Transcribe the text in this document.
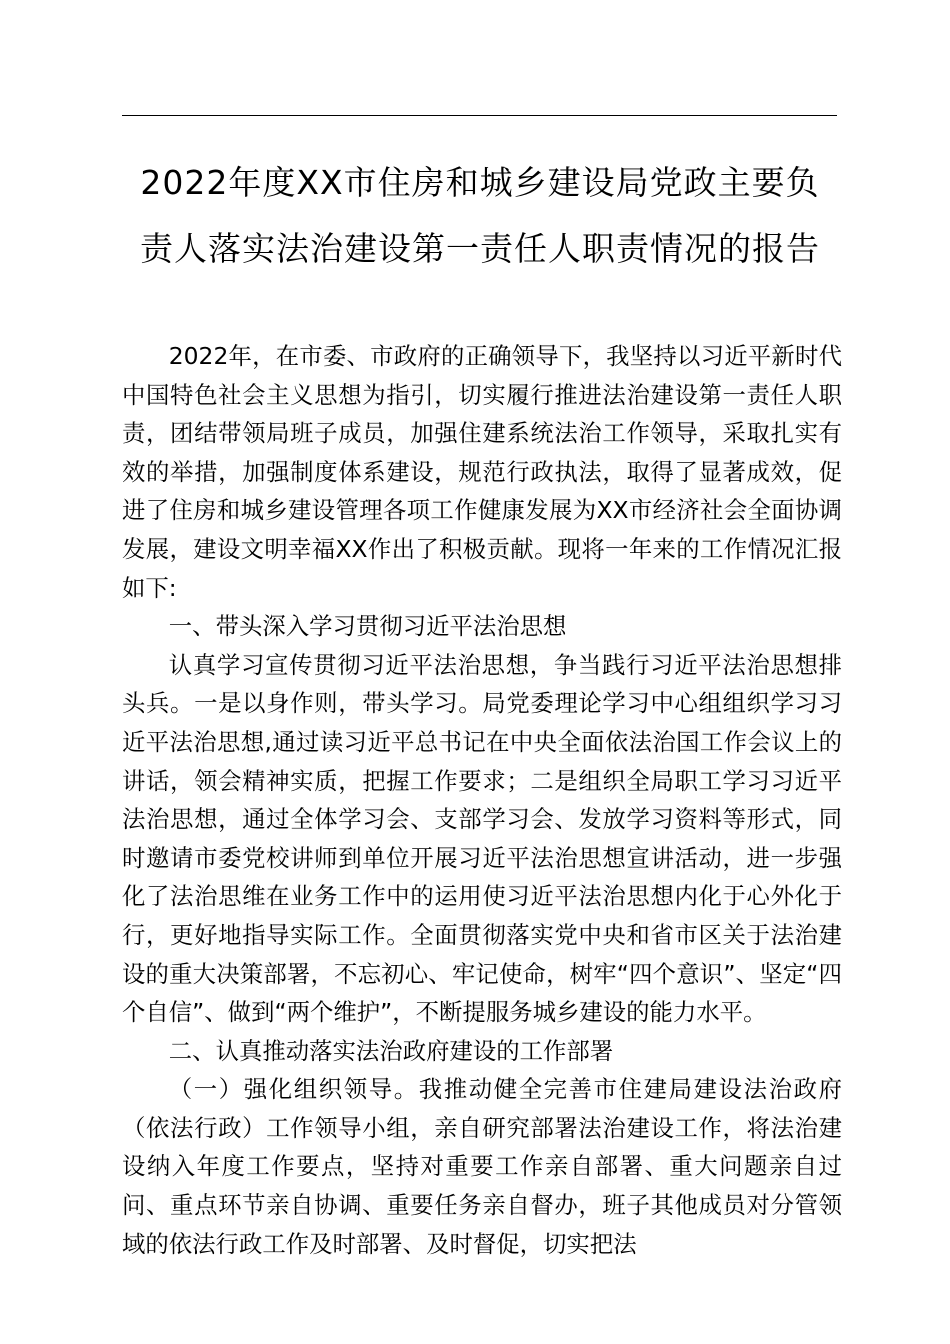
2022年度XX市住房和城乡建设局党政主要负
责人落实法治建设第一责任人职责情况的报告

2022年，在市委、市政府的正确领导下，我坚持以习近平新时代中国特色社会主义思想为指引，切实履行推进法治建设第一责任人职责，团结带领局班子成员，加强住建系统法治工作领导，采取扎实有效的举措，加强制度体系建设，规范行政执法，取得了显著成效，促进了住房和城乡建设管理各项工作健康发展为XX市经济社会全面协调发展，建设文明幸福XX作出了积极贡献。现将一年来的工作情况汇报如下:

一、带头深入学习贯彻习近平法治思想

认真学习宣传贯彻习近平法治思想，争当践行习近平法治思想排头兵。一是以身作则，带头学习。局党委理论学习中心组组织学习习近平法治思想,通过读习近平总书记在中央全面依法治国工作会议上的讲话，领会精神实质，把握工作要求；二是组织全局职工学习习近平法治思想，通过全体学习会、支部学习会、发放学习资料等形式，同时邀请市委党校讲师到单位开展习近平法治思想宣讲活动，进一步强化了法治思维在业务工作中的运用使习近平法治思想内化于心外化于行，更好地指导实际工作。全面贯彻落实党中央和省市区关于法治建设的重大决策部署，不忘初心、牢记使命，树牢“四个意识”、坚定“四个自信”、做到“两个维护”，不断提服务城乡建设的能力水平。

二、认真推动落实法治政府建设的工作部署

（一）强化组织领导。我推动健全完善市住建局建设法治政府（依法行政）工作领导小组，亲自研究部署法治建设工作，将法治建设纳入年度工作要点，坚持对重要工作亲自部署、重大问题亲自过问、重点环节亲自协调、重要任务亲自督办，班子其他成员对分管领域的依法行政工作及时部署、及时督促，切实把法
